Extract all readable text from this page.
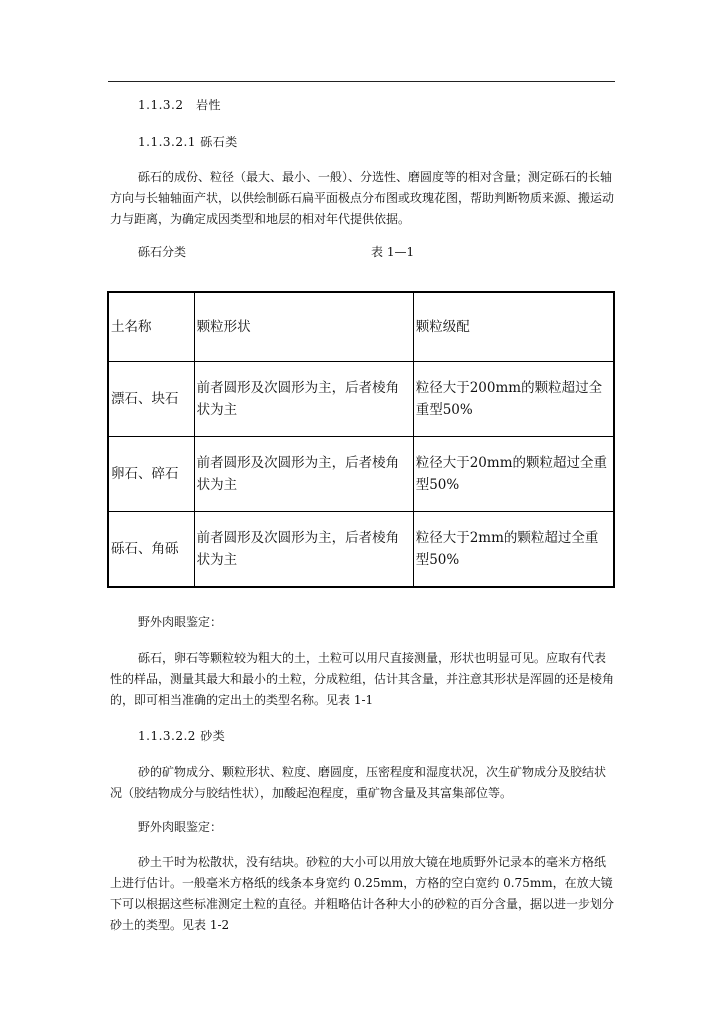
1.1.3.2　岩性

1.1.3.2.1 砾石类

砾石的成份、粒径（最大、最小、一般）、分选性、磨圆度等的相对含量；测定砾石的长轴方向与长轴轴面产状，以供绘制砾石扁平面极点分布图或玫瑰花图，帮助判断物质来源、搬运动力与距离，为确定成因类型和地层的相对年代提供依据。

砾石分类	表 1—1
土名称	颗粒形状	颗粒级配
漂石、块石	前者圆形及次圆形为主，后者棱角状为主	粒径大于200mm的颗粒超过全重型50%
卵石、碎石	前者圆形及次圆形为主，后者棱角状为主	粒径大于20mm的颗粒超过全重型50%
砾石、角砾	前者圆形及次圆形为主，后者棱角状为主	粒径大于2mm的颗粒超过全重型50%

野外肉眼鉴定：

砾石，卵石等颗粒较为粗大的土，土粒可以用尺直接测量，形状也明显可见。应取有代表性的样品，测量其最大和最小的土粒，分成粒组，估计其含量，并注意其形状是浑圆的还是棱角的，即可相当准确的定出土的类型名称。见表 1-1

1.1.3.2.2 砂类

砂的矿物成分、颗粒形状、粒度、磨圆度，压密程度和湿度状况，次生矿物成分及胶结状况（胶结物成分与胶结性状），加酸起泡程度，重矿物含量及其富集部位等。

野外肉眼鉴定：

砂土干时为松散状，没有结块。砂粒的大小可以用放大镜在地质野外记录本的毫米方格纸上进行估计。一般毫米方格纸的线条本身宽约 0.25mm，方格的空白宽约 0.75mm，在放大镜下可以根据这些标准测定土粒的直径。并粗略估计各种大小的砂粒的百分含量，据以进一步划分砂土的类型。见表 1-2
